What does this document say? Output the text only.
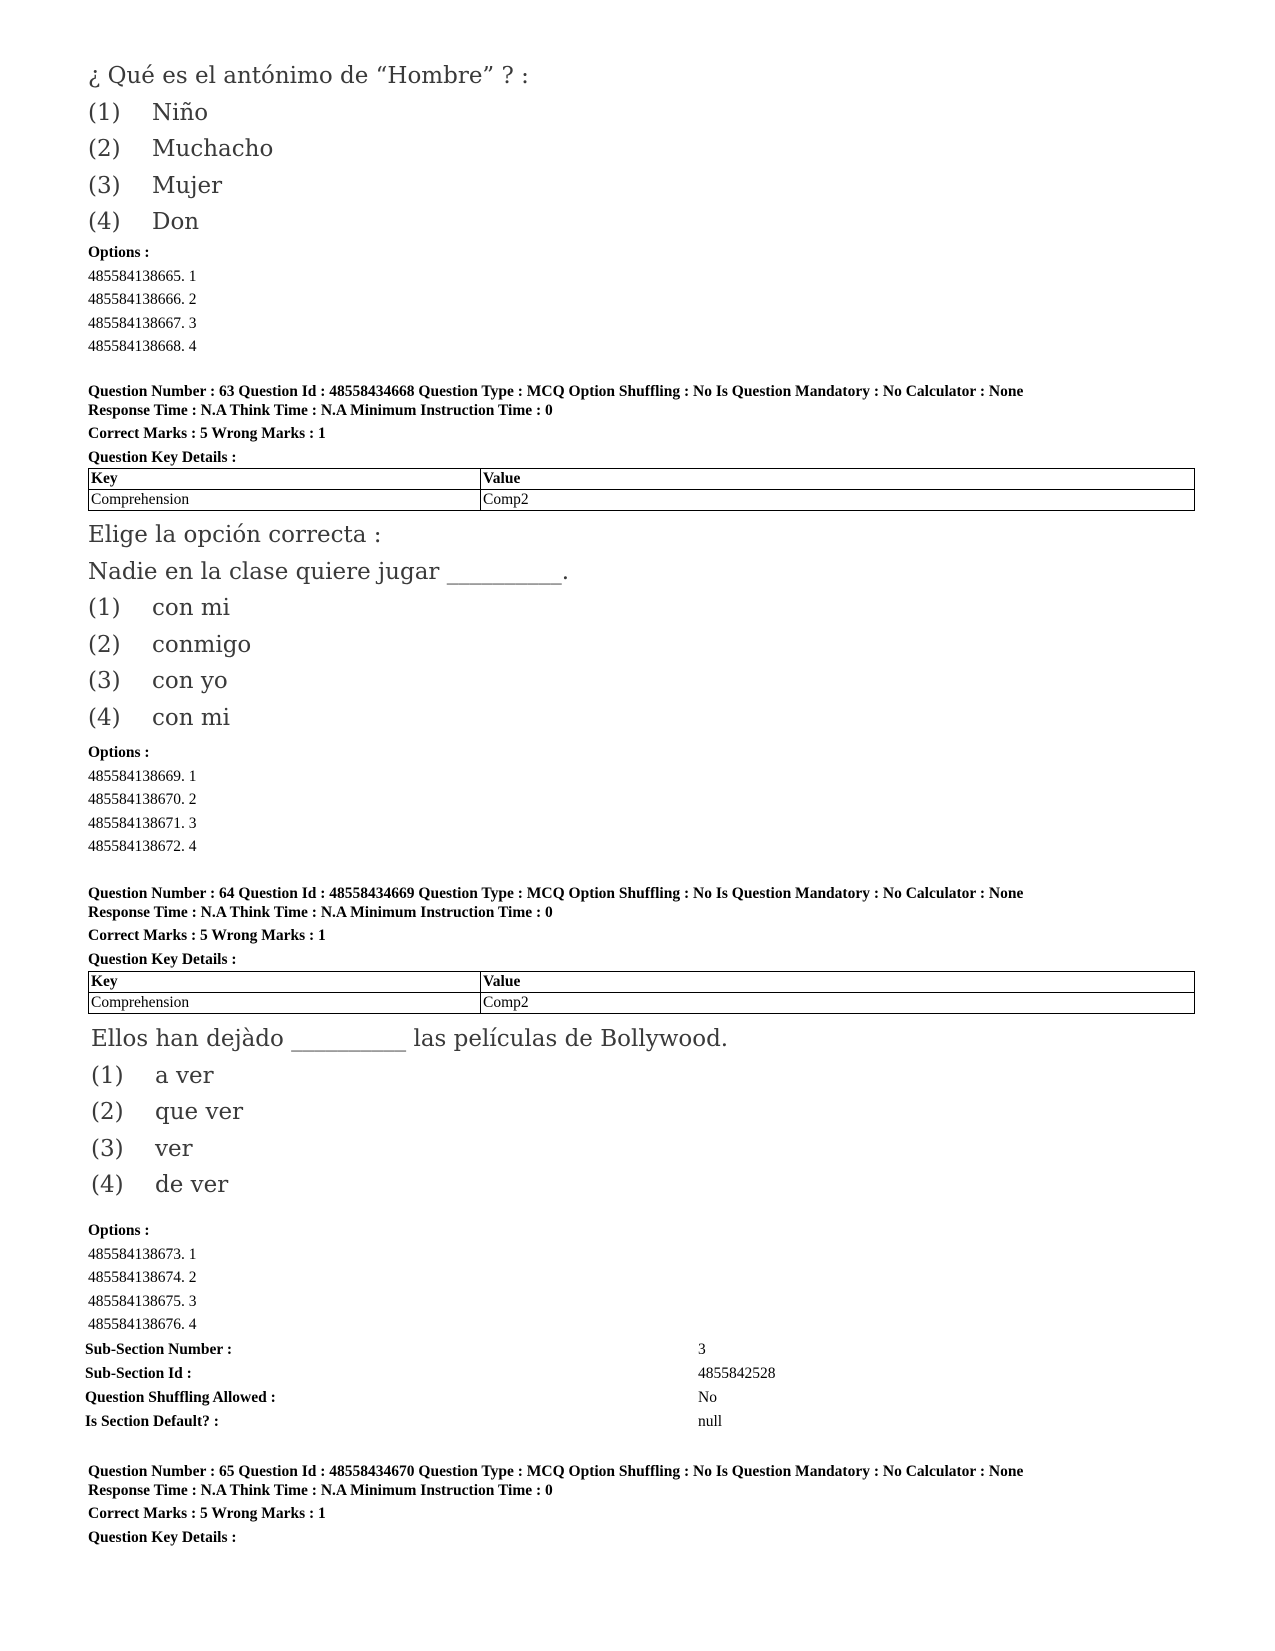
¿ Qué es el antónimo de “Hombre” ? :
(1)	Niño
(2)	Muchacho
(3)	Mujer
(4)	Don
Options :
485584138665. 1
485584138666. 2
485584138667. 3
485584138668. 4
Question Number : 63 Question Id : 48558434668 Question Type : MCQ Option Shuffling : No Is Question Mandatory : No Calculator : None
Response Time : N.A Think Time : N.A Minimum Instruction Time : 0
Correct Marks : 5 Wrong Marks : 1
Question Key Details :
Key	Value
Comprehension	Comp2
Elige la opción correcta :
Nadie en la clase quiere jugar __________.
(1)	con mi
(2)	conmigo
(3)	con yo
(4)	con mi
Options :
485584138669. 1
485584138670. 2
485584138671. 3
485584138672. 4
Question Number : 64 Question Id : 48558434669 Question Type : MCQ Option Shuffling : No Is Question Mandatory : No Calculator : None
Response Time : N.A Think Time : N.A Minimum Instruction Time : 0
Correct Marks : 5 Wrong Marks : 1
Question Key Details :
Key	Value
Comprehension	Comp2
Ellos han dejàdo __________ las películas de Bollywood.
(1)	a ver
(2)	que ver
(3)	ver
(4)	de ver
Options :
485584138673. 1
485584138674. 2
485584138675. 3
485584138676. 4
Sub-Section Number :	3
Sub-Section Id :	4855842528
Question Shuffling Allowed :	No
Is Section Default? :	null
Question Number : 65 Question Id : 48558434670 Question Type : MCQ Option Shuffling : No Is Question Mandatory : No Calculator : None
Response Time : N.A Think Time : N.A Minimum Instruction Time : 0
Correct Marks : 5 Wrong Marks : 1
Question Key Details :
